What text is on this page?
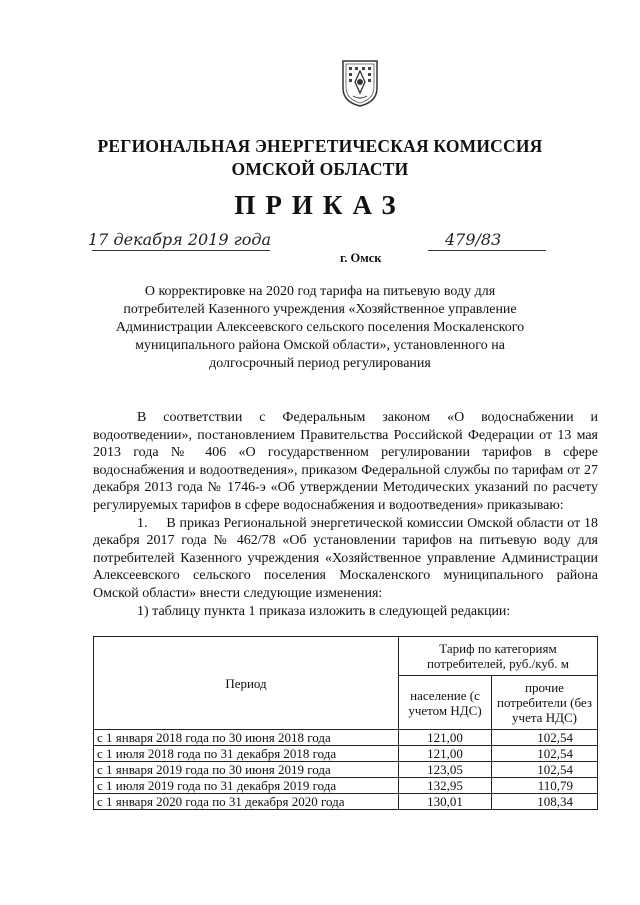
РЕГИОНАЛЬНАЯ ЭНЕРГЕТИЧЕСКАЯ КОМИССИЯ
ОМСКОЙ ОБЛАСТИ
ПРИКАЗ
17 декабря 2019 года	479/83
г. Омск
О корректировке на 2020 год тарифа на питьевую воду для потребителей Казенного учреждения «Хозяйственное управление Администрации Алексеевского сельского поселения Москаленского муниципального района Омской области», установленного на долгосрочный период регулирования

В соответствии с Федеральным законом «О водоснабжении и водоотведении», постановлением Правительства Российской Федерации от 13 мая 2013 года № 406 «О государственном регулировании тарифов в сфере водоснабжения и водоотведения», приказом Федеральной службы по тарифам от 27 декабря 2013 года № 1746-э «Об утверждении Методических указаний по расчету регулируемых тарифов в сфере водоснабжения и водоотведения» приказываю:

1.     В приказ Региональной энергетической комиссии Омской области от 18 декабря 2017 года № 462/78 «Об установлении тарифов на питьевую воду для потребителей Казенного учреждения «Хозяйственное управление Администрации Алексеевского сельского поселения Москаленского муниципального района Омской области» внести следующие изменения:

1) таблицу пункта 1 приказа изложить в следующей редакции:

Период	Тариф по категориям потребителей, руб./куб. м	
	население (с учетом НДС)	прочие потребители (без учета НДС)
с 1 января 2018 года по 30 июня 2018 года	121,00	102,54
с 1 июля 2018 года по 31 декабря 2018 года	121,00	102,54
с 1 января 2019 года по 30 июня 2019 года	123,05	102,54
с 1 июля 2019 года по 31 декабря 2019 года	132,95	110,79
с 1 января 2020 года по 31 декабря 2020 года	130,01	108,34
